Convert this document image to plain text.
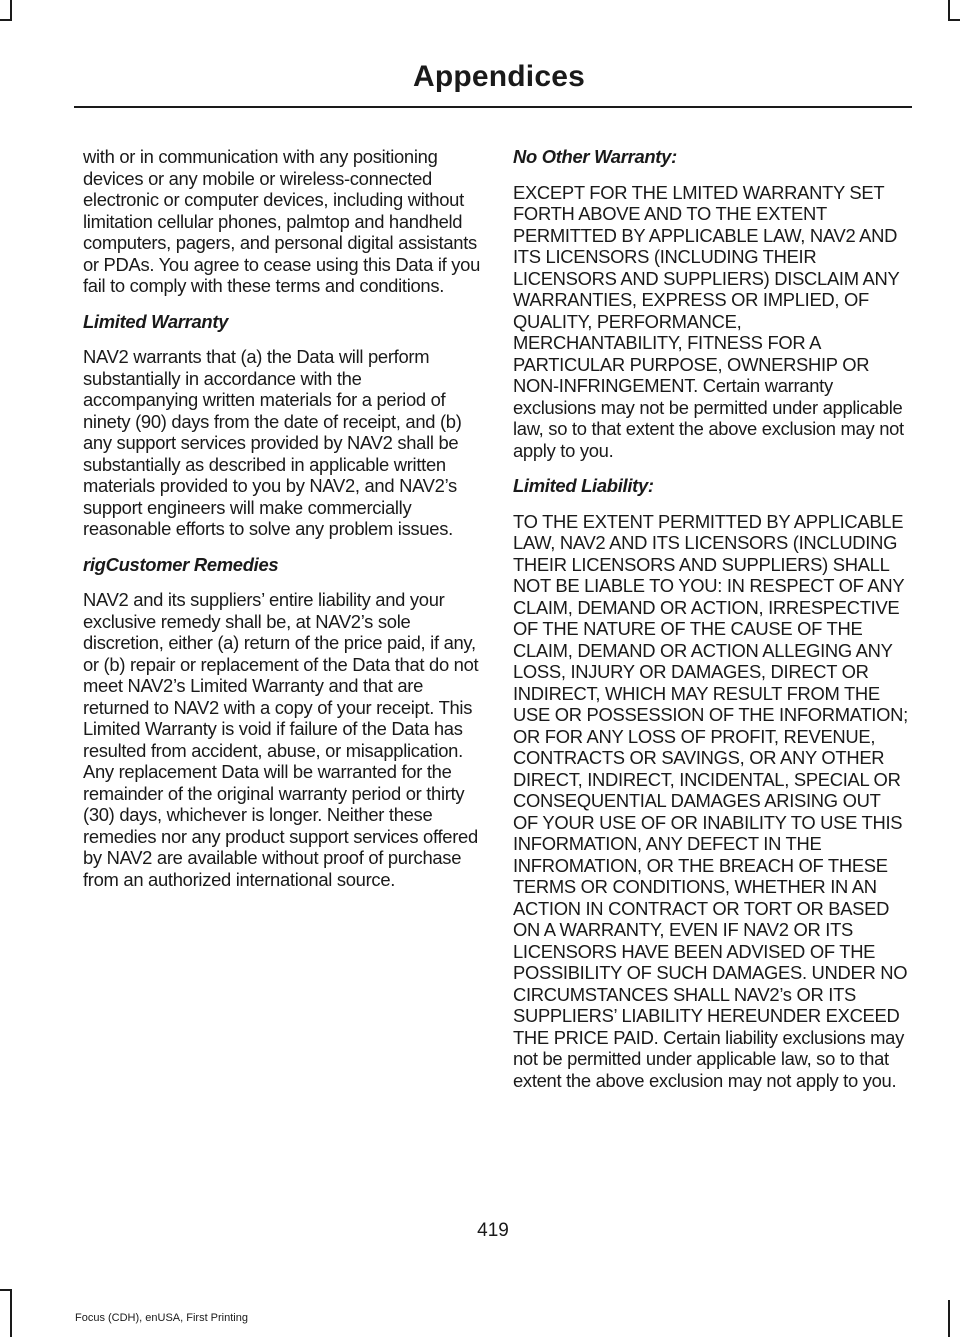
Appendices

with or in communication with any positioning devices or any mobile or wireless-connected electronic or computer devices, including without limitation cellular phones, palmtop and handheld computers, pagers, and personal digital assistants or PDAs. You agree to cease using this Data if you fail to comply with these terms and conditions.

Limited Warranty

NAV2 warrants that (a) the Data will perform substantially in accordance with the accompanying written materials for a period of ninety (90) days from the date of receipt, and (b) any support services provided by NAV2 shall be substantially as described in applicable written materials provided to you by NAV2, and NAV2’s support engineers will make commercially reasonable efforts to solve any problem issues.

rigCustomer Remedies

NAV2 and its suppliers’ entire liability and your exclusive remedy shall be, at NAV2’s sole discretion, either (a) return of the price paid, if any, or (b) repair or replacement of the Data that do not meet NAV2’s Limited Warranty and that are returned to NAV2 with a copy of your receipt. This Limited Warranty is void if failure of the Data has resulted from accident, abuse, or misapplication. Any replacement Data will be warranted for the remainder of the original warranty period or thirty (30) days, whichever is longer. Neither these remedies nor any product support services offered by NAV2 are available without proof of purchase from an authorized international source.

No Other Warranty:

EXCEPT FOR THE LMITED WARRANTY SET FORTH ABOVE AND TO THE EXTENT PERMITTED BY APPLICABLE LAW, NAV2 AND ITS LICENSORS (INCLUDING THEIR LICENSORS AND SUPPLIERS) DISCLAIM ANY WARRANTIES, EXPRESS OR IMPLIED, OF QUALITY, PERFORMANCE, MERCHANTABILITY, FITNESS FOR A PARTICULAR PURPOSE, OWNERSHIP OR NON-INFRINGEMENT. Certain warranty exclusions may not be permitted under applicable law, so to that extent the above exclusion may not apply to you.

Limited Liability:

TO THE EXTENT PERMITTED BY APPLICABLE LAW, NAV2 AND ITS LICENSORS (INCLUDING THEIR LICENSORS AND SUPPLIERS) SHALL NOT BE LIABLE TO YOU: IN RESPECT OF ANY CLAIM, DEMAND OR ACTION, IRRESPECTIVE OF THE NATURE OF THE CAUSE OF THE CLAIM, DEMAND OR ACTION ALLEGING ANY LOSS, INJURY OR DAMAGES, DIRECT OR INDIRECT, WHICH MAY RESULT FROM THE USE OR POSSESSION OF THE INFORMATION; OR FOR ANY LOSS OF PROFIT, REVENUE, CONTRACTS OR SAVINGS, OR ANY OTHER DIRECT, INDIRECT, INCIDENTAL, SPECIAL OR CONSEQUENTIAL DAMAGES ARISING OUT OF YOUR USE OF OR INABILITY TO USE THIS INFORMATION, ANY DEFECT IN THE INFROMATION, OR THE BREACH OF THESE TERMS OR CONDITIONS, WHETHER IN AN ACTION IN CONTRACT OR TORT OR BASED ON A WARRANTY, EVEN IF NAV2 OR ITS LICENSORS HAVE BEEN ADVISED OF THE POSSIBILITY OF SUCH DAMAGES. UNDER NO CIRCUMSTANCES SHALL NAV2’s OR ITS SUPPLIERS’ LIABILITY HEREUNDER EXCEED THE PRICE PAID. Certain liability exclusions may not be permitted under applicable law, so to that extent the above exclusion may not apply to you.

419

Focus (CDH), enUSA, First Printing
